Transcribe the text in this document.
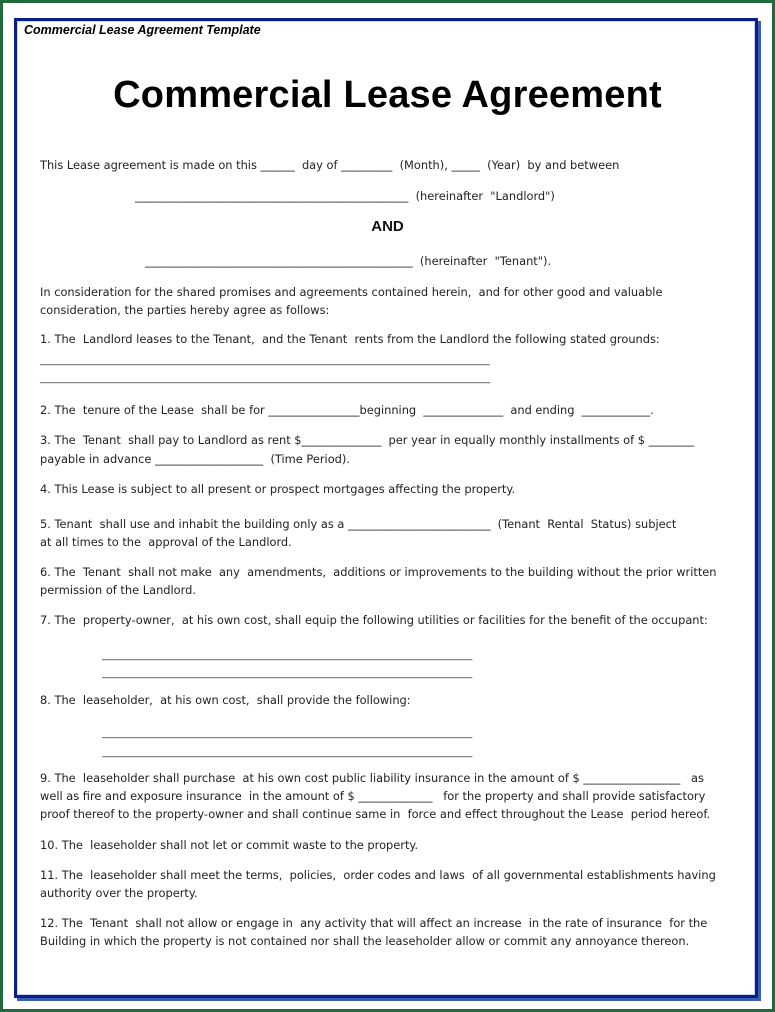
Commercial Lease Agreement Template
Commercial Lease Agreement
This Lease agreement is made on this ______  day of _________  (Month), _____  (Year)  by and between
________________________________________________  (hereinafter  "Landlord")
AND
_______________________________________________  (hereinafter  "Tenant").
In consideration for the shared promises and agreements contained herein,  and for other good and valuable
consideration, the parties hereby agree as follows:
1. The  Landlord leases to the Tenant,  and the Tenant  rents from the Landlord the following stated grounds:
________________________________________________________________________________________________
________________________________________________________________________________________________
2. The  tenure of the Lease  shall be for ________________beginning  ______________  and ending  ____________.
3. The  Tenant  shall pay to Landlord as rent $______________  per year in equally monthly installments of $ ________
payable in advance ___________________  (Time Period).
4. This Lease is subject to all present or prospect mortgages affecting the property.
5. Tenant  shall use and inhabit the building only as a _________________________  (Tenant  Rental  Status) subject
at all times to the  approval of the Landlord.
6. The  Tenant  shall not make  any  amendments,  additions or improvements to the building without the prior written
permission of the Landlord.
7. The  property-owner,  at his own cost, shall equip the following utilities or facilities for the benefit of the occupant:
_______________________________________________________________________________
_______________________________________________________________________________
8. The  leaseholder,  at his own cost,  shall provide the following:
_______________________________________________________________________________
_______________________________________________________________________________
9. The  leaseholder shall purchase  at his own cost public liability insurance in the amount of $ _________________   as
well as fire and exposure insurance  in the amount of $ _____________   for the property and shall provide satisfactory
proof thereof to the property-owner and shall continue same in  force and effect throughout the Lease  period hereof.
10. The  leaseholder shall not let or commit waste to the property.
11. The  leaseholder shall meet the terms,  policies,  order codes and laws  of all governmental establishments having
authority over the property.
12. The  Tenant  shall not allow or engage in  any activity that will affect an increase  in the rate of insurance  for the
Building in which the property is not contained nor shall the leaseholder allow or commit any annoyance thereon.
